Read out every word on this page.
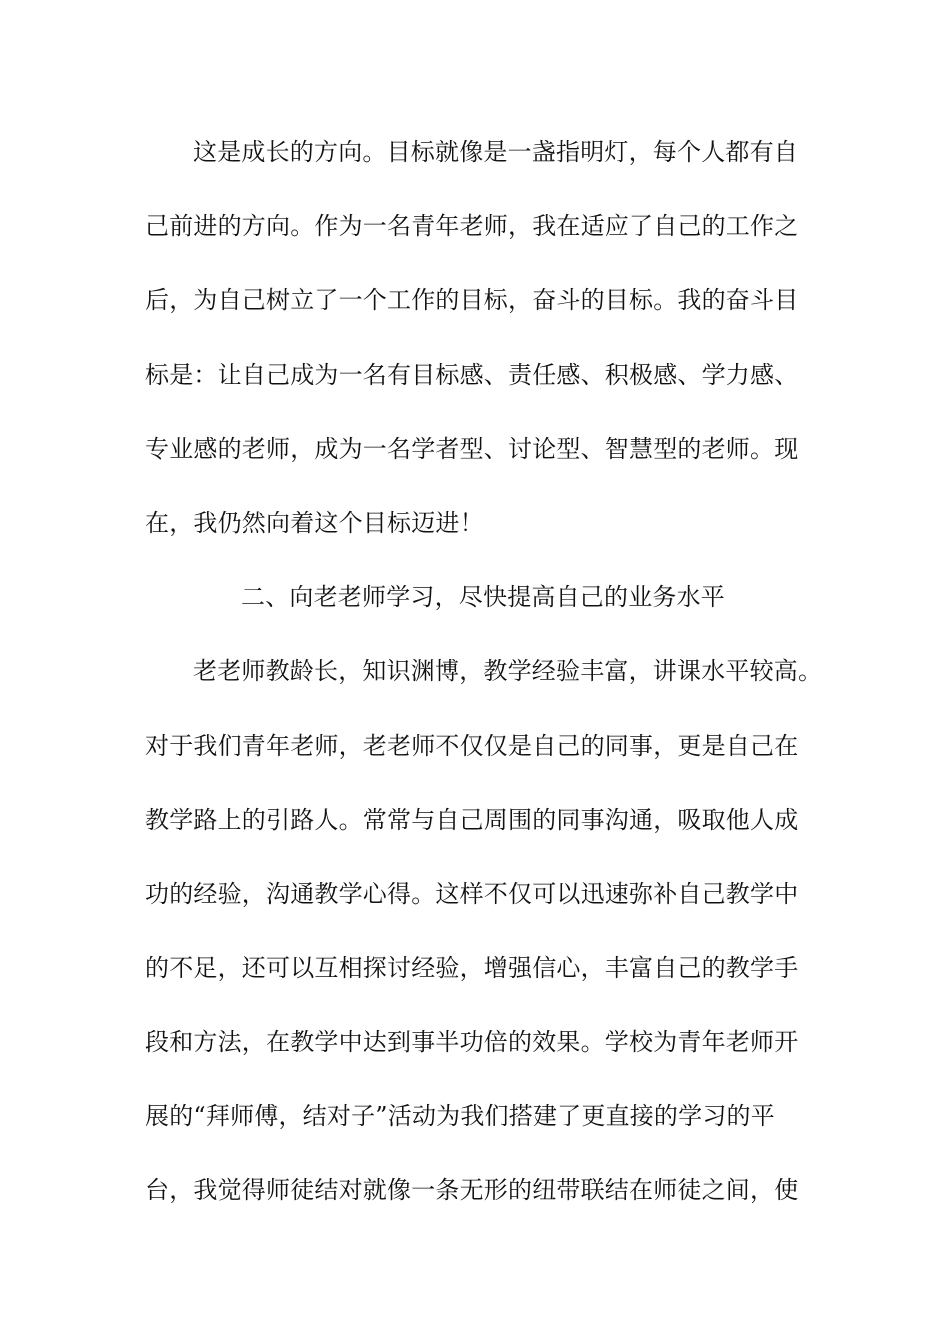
这是成长的方向。目标就像是一盏指明灯，每个人都有自
己前进的方向。作为一名青年老师，我在适应了自己的工作之
后，为自己树立了一个工作的目标，奋斗的目标。我的奋斗目
标是：让自己成为一名有目标感、责任感、积极感、学力感、
专业感的老师，成为一名学者型、讨论型、智慧型的老师。现
在，我仍然向着这个目标迈进！
二、向老老师学习，尽快提高自己的业务水平
老老师教龄长，知识渊博，教学经验丰富，讲课水平较高。
对于我们青年老师，老老师不仅仅是自己的同事，更是自己在
教学路上的引路人。常常与自己周围的同事沟通，吸取他人成
功的经验，沟通教学心得。这样不仅可以迅速弥补自己教学中
的不足，还可以互相探讨经验，增强信心，丰富自己的教学手
段和方法，在教学中达到事半功倍的效果。学校为青年老师开
展的“拜师傅，结对子”活动为我们搭建了更直接的学习的平
台，我觉得师徒结对就像一条无形的纽带联结在师徒之间，使
